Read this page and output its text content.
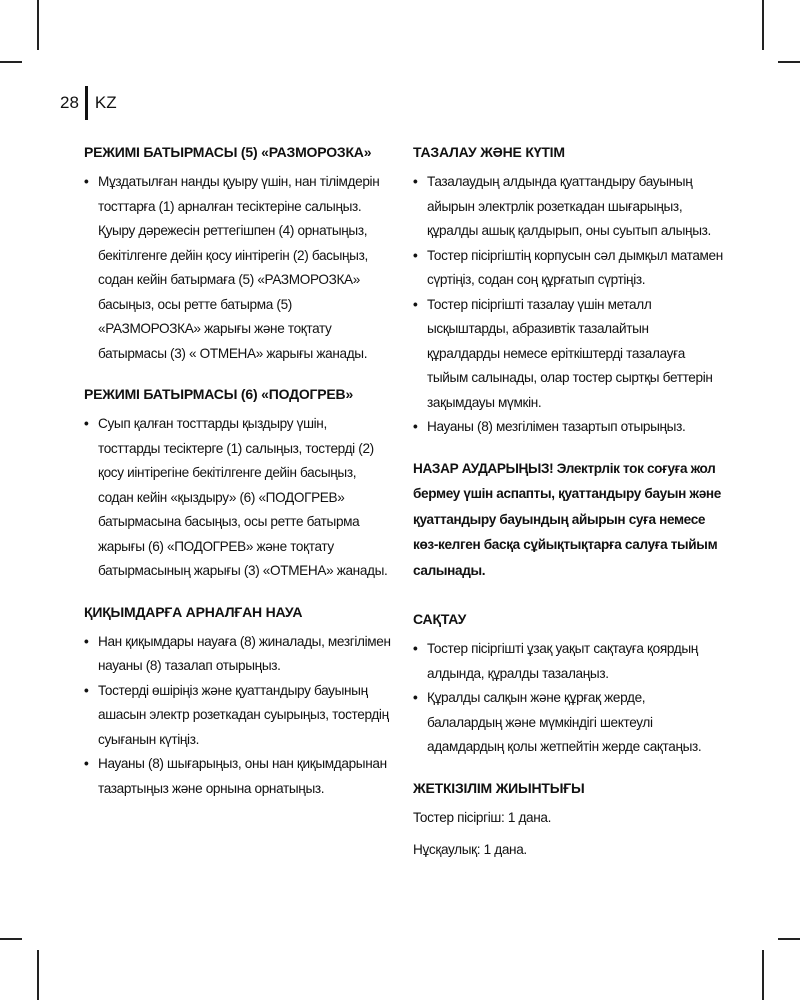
28 KZ
РЕЖИМІ БАТЫРМАСЫ (5) «РАЗМОРОЗКА»
• Мұздатылған нанды қуыру үшін, нан тілімдерін тосттарға (1) арналған тесіктеріне салыңыз. Қуыру дәрежесін реттегішпен (4) орнатыңыз, бекітілгенге дейін қосу иінтірегін (2) басыңыз, содан кейін батырмаға (5) «РАЗМОРОЗКА» басыңыз, осы ретте батырма (5) «РАЗМОРОЗКА» жарығы және тоқтату батырмасы (3) « ОТМЕНА» жарығы жанады.
РЕЖИМІ БАТЫРМАСЫ (6) «ПОДОГРЕВ»
• Суып қалған тосттарды қыздыру үшін, тосттарды тесіктерге (1) салыңыз, тостерді (2) қосу иінтірегіне бекітілгенге дейін басыңыз, содан кейін «қыздыру» (6) «ПОДОГРЕВ» батырмасына басыңыз, осы ретте батырма жарығы (6) «ПОДОГРЕВ» және тоқтату батырмасының жарығы (3) «ОТМЕНА» жанады.
ҚИҚЫМДАРҒА АРНАЛҒАН НАУА
• Нан қиқымдары науаға (8) жиналады, мезгілімен науаны (8) тазалап отырыңыз.
• Тостерді өшіріңіз және қуаттандыру бауының ашасын электр розеткадан суырыңыз, тостердің суығанын күтіңіз.
• Науаны (8) шығарыңыз, оны нан қиқымдарынан тазартыңыз және орнына орнатыңыз.
ТАЗАЛАУ ЖӘНЕ КҮТІМ
• Тазалаудың алдында қуаттандыру бауының айырын электрлік розеткадан шығарыңыз, құралды ашық қалдырып, оны суытып алыңыз.
• Тостер пісіргіштің корпусын сәл дымқыл матамен сүртіңіз, содан соң құрғатып сүртіңіз.
• Тостер пісіргішті тазалау үшін металл ысқыштарды, абразивтік тазалайтын құралдарды немесе еріткіштерді тазалауға тыйым салынады, олар тостер сыртқы беттерін зақымдауы мүмкін.
• Науаны (8) мезгілімен тазартып отырыңыз.

НАЗАР АУДАРЫҢЫЗ! Электрлік ток соғуға жол бермеу үшін аспапты, қуаттандыру бауын және қуаттандыру бауындың айырын суға немесе көз-келген басқа сұйықтықтарға салуға тыйым салынады.

САҚТАУ
• Тостер пісіргішті ұзақ уақыт сақтауға қоярдың алдында, құралды тазалаңыз.
• Құралды салқын және құрғақ жерде, балалардың және мүмкіндігі шектеулі адамдардың қолы жетпейтін жерде сақтаңыз.
ЖЕТКІЗІЛІМ ЖИЫНТЫҒЫ

Тостер пісіргіш: 1 дана.

Нұсқаулық: 1 дана.
